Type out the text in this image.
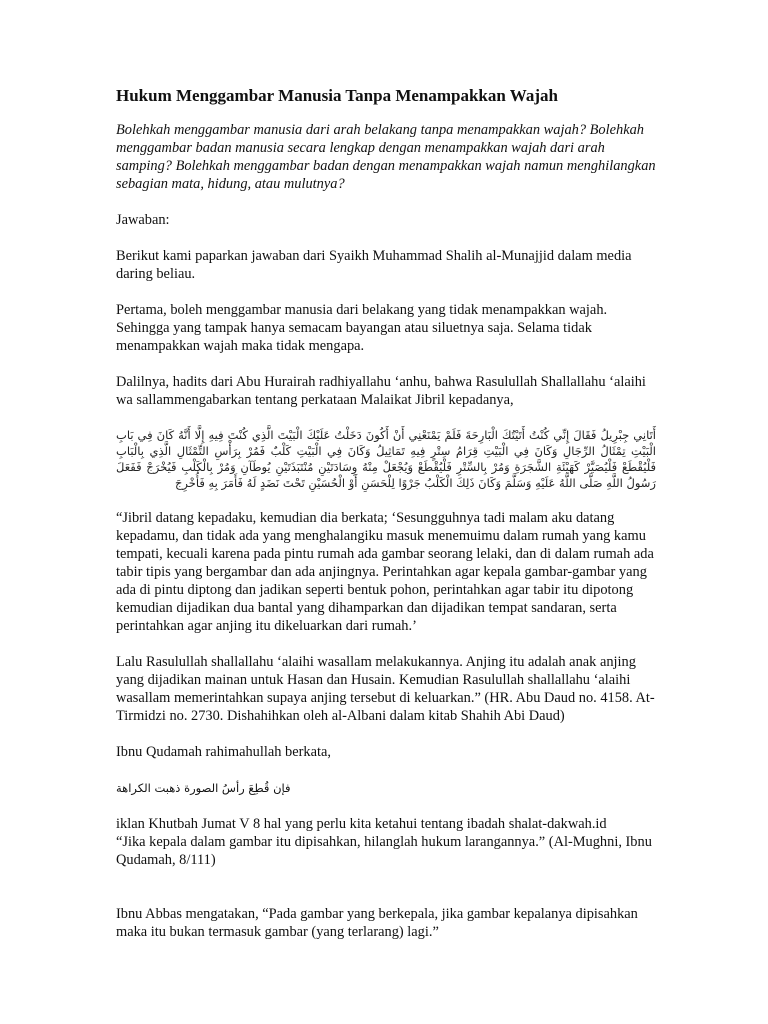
Hukum Menggambar Manusia Tanpa Menampakkan Wajah
Bolehkah menggambar manusia dari arah belakang tanpa menampakkan wajah? Bolehkah menggambar badan manusia secara lengkap dengan menampakkan wajah dari arah samping? Bolehkah menggambar badan dengan menampakkan wajah namun menghilangkan sebagian mata, hidung, atau mulutnya?
Jawaban:
Berikut kami paparkan jawaban dari Syaikh Muhammad Shalih al-Munajjid dalam media daring beliau.
Pertama, boleh menggambar manusia dari belakang yang tidak menampakkan wajah. Sehingga yang tampak hanya semacam bayangan atau siluetnya saja. Selama tidak menampakkan wajah maka tidak mengapa.
Dalilnya, hadits dari Abu Hurairah radhiyallahu ‘anhu, bahwa Rasulullah Shallallahu ‘alaihi wa sallammengabarkan tentang perkataan Malaikat Jibril kepadanya,
أَتَانِي جِبْرِيلُ فَقَالَ إِنِّي كُنْتُ أَتَيْتُكَ الْبَارِحَةَ فَلَمْ يَمْنَعْنِي أَنْ أَكُونَ دَخَلْتُ عَلَيْكَ الْبَيْتَ الَّذِي كُنْتَ فِيهِ إِلَّا أَنَّهُ كَانَ فِي بَابِ الْبَيْتِ تِمْثَالُ الرِّجَالِ وَكَانَ فِي الْبَيْتِ قِرَامُ سِتْرٍ فِيهِ تَمَاثِيلُ وَكَانَ فِي الْبَيْتِ كَلْبٌ فَمُرْ بِرَأْسِ التِّمْثَالِ الَّذِي بِالْبَابِ فَلْيُقْطَعْ فَلْيُصَيَّرْ كَهَيْئَةِ الشَّجَرَةِ وَمُرْ بِالسِّتْرِ فَلْيُقْطَعْ وَيُجْعَلْ مِنْهُ وِسَادَتَيْنِ مُنْتَبَذَتَيْنِ يُوطَآنِ وَمُرْ بِالْكَلْبِ فَيُخْرَجْ فَفَعَلَ رَسُولُ اللَّهِ صَلَّى اللَّهُ عَلَيْهِ وَسَلَّمَ وَكَانَ ذَلِكَ الْكَلْبُ جَرْوًا لِلْحَسَنِ أَوْ الْحُسَيْنِ تَحْتَ نَضَدٍ لَهُ فَأَمَرَ بِهِ فَأُخْرِجَ
“Jibril datang kepadaku, kemudian dia berkata; ‘Sesungguhnya tadi malam aku datang kepadamu, dan tidak ada yang menghalangiku masuk menemuimu dalam rumah yang kamu tempati, kecuali karena pada pintu rumah ada gambar seorang lelaki, dan di dalam rumah ada tabir tipis yang bergambar dan ada anjingnya. Perintahkan agar kepala gambar-gambar yang ada di pintu diptong dan jadikan seperti bentuk pohon, perintahkan agar tabir itu dipotong kemudian dijadikan dua bantal yang dihamparkan dan dijadikan tempat sandaran, serta perintahkan agar anjing itu dikeluarkan dari rumah.’
Lalu Rasulullah shallallahu ‘alaihi wasallam melakukannya. Anjing itu adalah anak anjing yang dijadikan mainan untuk Hasan dan Husain. Kemudian Rasulullah shallallahu ‘alaihi wasallam memerintahkan supaya anjing tersebut di keluarkan.” (HR. Abu Daud no. 4158. At-Tirmidzi no. 2730. Dishahihkan oleh al-Albani dalam kitab Shahih Abi Daud)
Ibnu Qudamah rahimahullah berkata,
فإن قُطِعَ رأسُ الصورة ذهبت الكراهة
iklan Khutbah Jumat V 8 hal yang perlu kita ketahui tentang ibadah shalat-dakwah.id
“Jika kepala dalam gambar itu dipisahkan, hilanglah hukum larangannya.” (Al-Mughni, Ibnu Qudamah, 8/111)
Ibnu Abbas mengatakan, “Pada gambar yang berkepala, jika gambar kepalanya dipisahkan maka itu bukan termasuk gambar (yang terlarang) lagi.”
